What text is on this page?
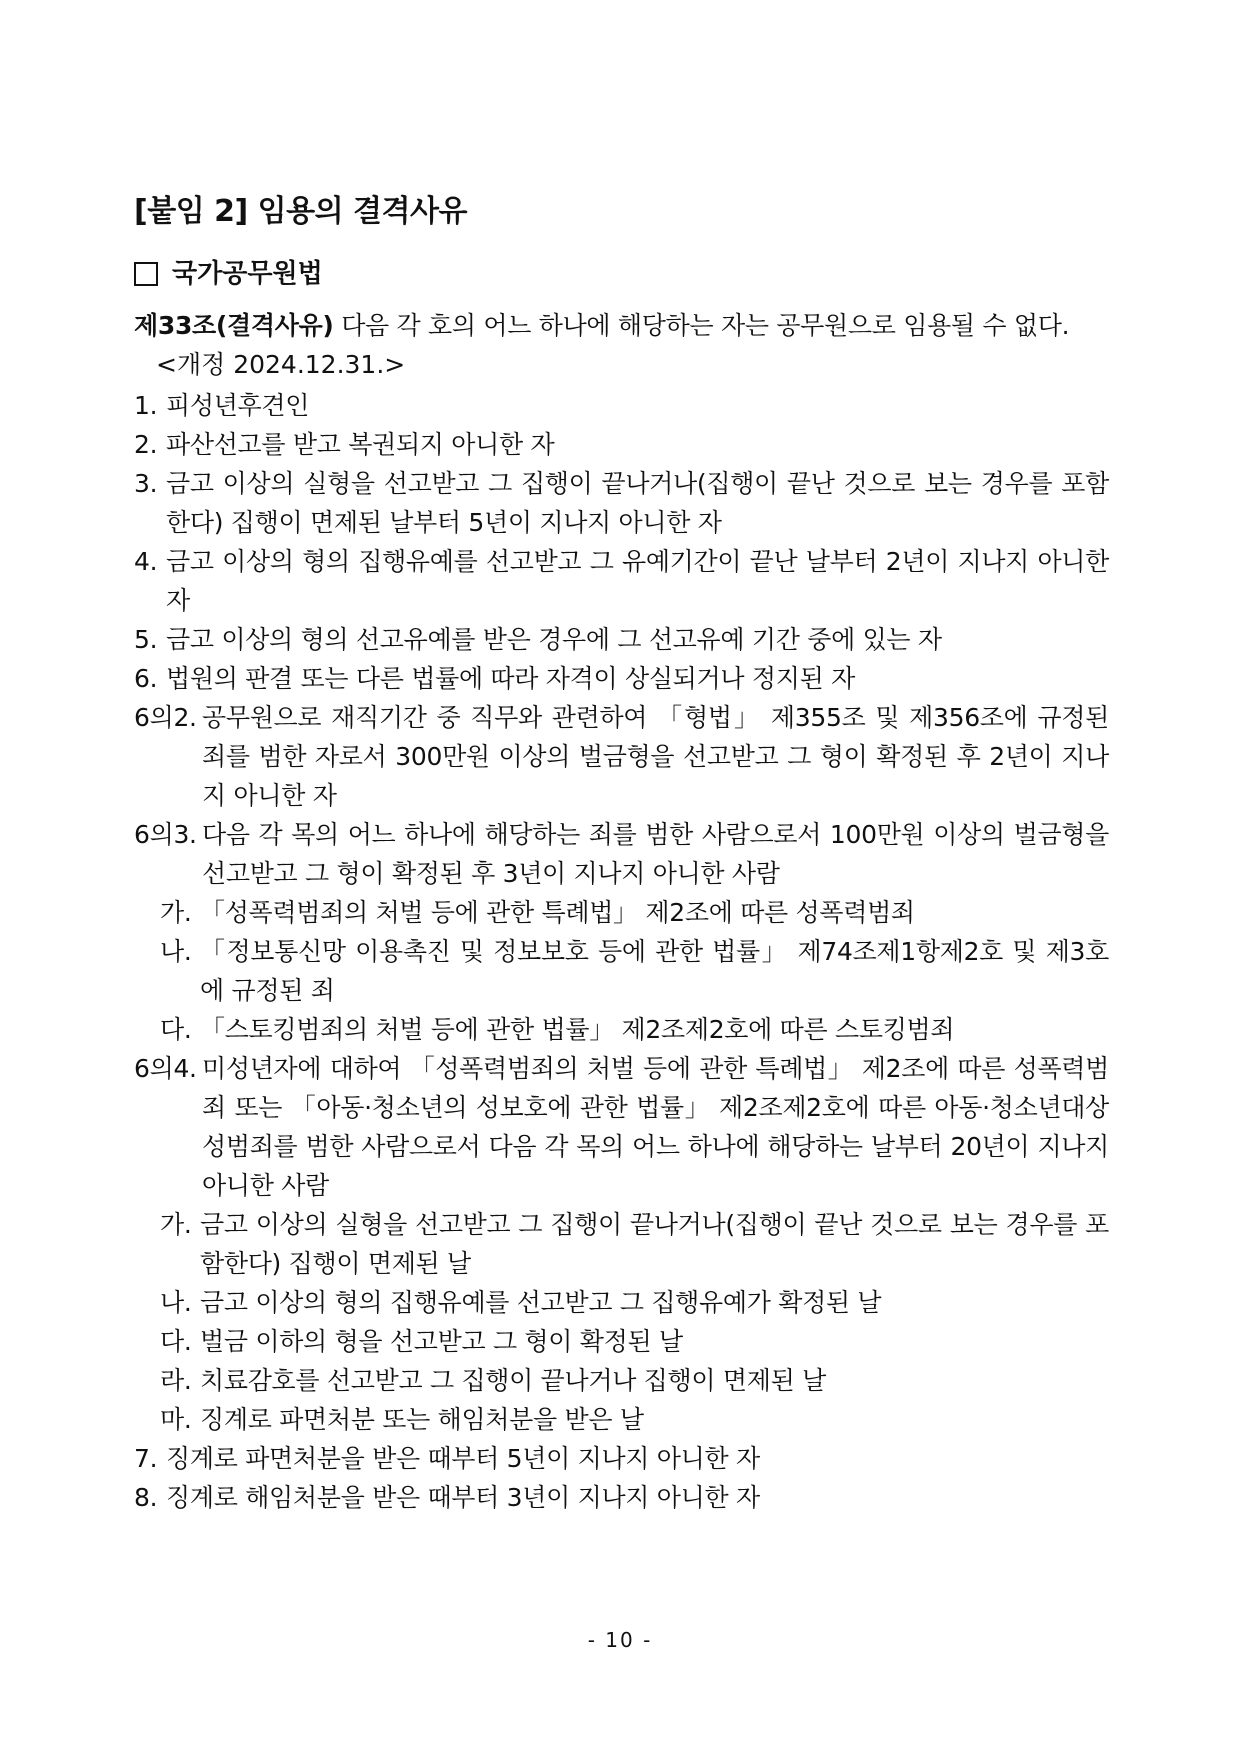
[붙임 2] 임용의 결격사유
국가공무원법
제33조(결격사유) 다음 각 호의 어느 하나에 해당하는 자는 공무원으로 임용될 수 없다.
<개정 2024.12.31.>
1. 피성년후견인
2. 파산선고를 받고 복권되지 아니한 자
3. 금고 이상의 실형을 선고받고 그 집행이 끝나거나(집행이 끝난 것으로 보는 경우를 포함한다) 집행이 면제된 날부터 5년이 지나지 아니한 자
4. 금고 이상의 형의 집행유예를 선고받고 그 유예기간이 끝난 날부터 2년이 지나지 아니한 자
5. 금고 이상의 형의 선고유예를 받은 경우에 그 선고유예 기간 중에 있는 자
6. 법원의 판결 또는 다른 법률에 따라 자격이 상실되거나 정지된 자
6의2. 공무원으로 재직기간 중 직무와 관련하여 「형법」 제355조 및 제356조에 규정된 죄를 범한 자로서 300만원 이상의 벌금형을 선고받고 그 형이 확정된 후 2년이 지나지 아니한 자
6의3. 다음 각 목의 어느 하나에 해당하는 죄를 범한 사람으로서 100만원 이상의 벌금형을 선고받고 그 형이 확정된 후 3년이 지나지 아니한 사람
가. 「성폭력범죄의 처벌 등에 관한 특례법」 제2조에 따른 성폭력범죄
나. 「정보통신망 이용촉진 및 정보보호 등에 관한 법률」 제74조제1항제2호 및 제3호에 규정된 죄
다. 「스토킹범죄의 처벌 등에 관한 법률」 제2조제2호에 따른 스토킹범죄
6의4. 미성년자에 대하여 「성폭력범죄의 처벌 등에 관한 특례법」 제2조에 따른 성폭력범죄 또는 「아동·청소년의 성보호에 관한 법률」 제2조제2호에 따른 아동·청소년대상 성범죄를 범한 사람으로서 다음 각 목의 어느 하나에 해당하는 날부터 20년이 지나지 아니한 사람
가. 금고 이상의 실형을 선고받고 그 집행이 끝나거나(집행이 끝난 것으로 보는 경우를 포함한다) 집행이 면제된 날
나. 금고 이상의 형의 집행유예를 선고받고 그 집행유예가 확정된 날
다. 벌금 이하의 형을 선고받고 그 형이 확정된 날
라. 치료감호를 선고받고 그 집행이 끝나거나 집행이 면제된 날
마. 징계로 파면처분 또는 해임처분을 받은 날
7. 징계로 파면처분을 받은 때부터 5년이 지나지 아니한 자
8. 징계로 해임처분을 받은 때부터 3년이 지나지 아니한 자
- 10 -
